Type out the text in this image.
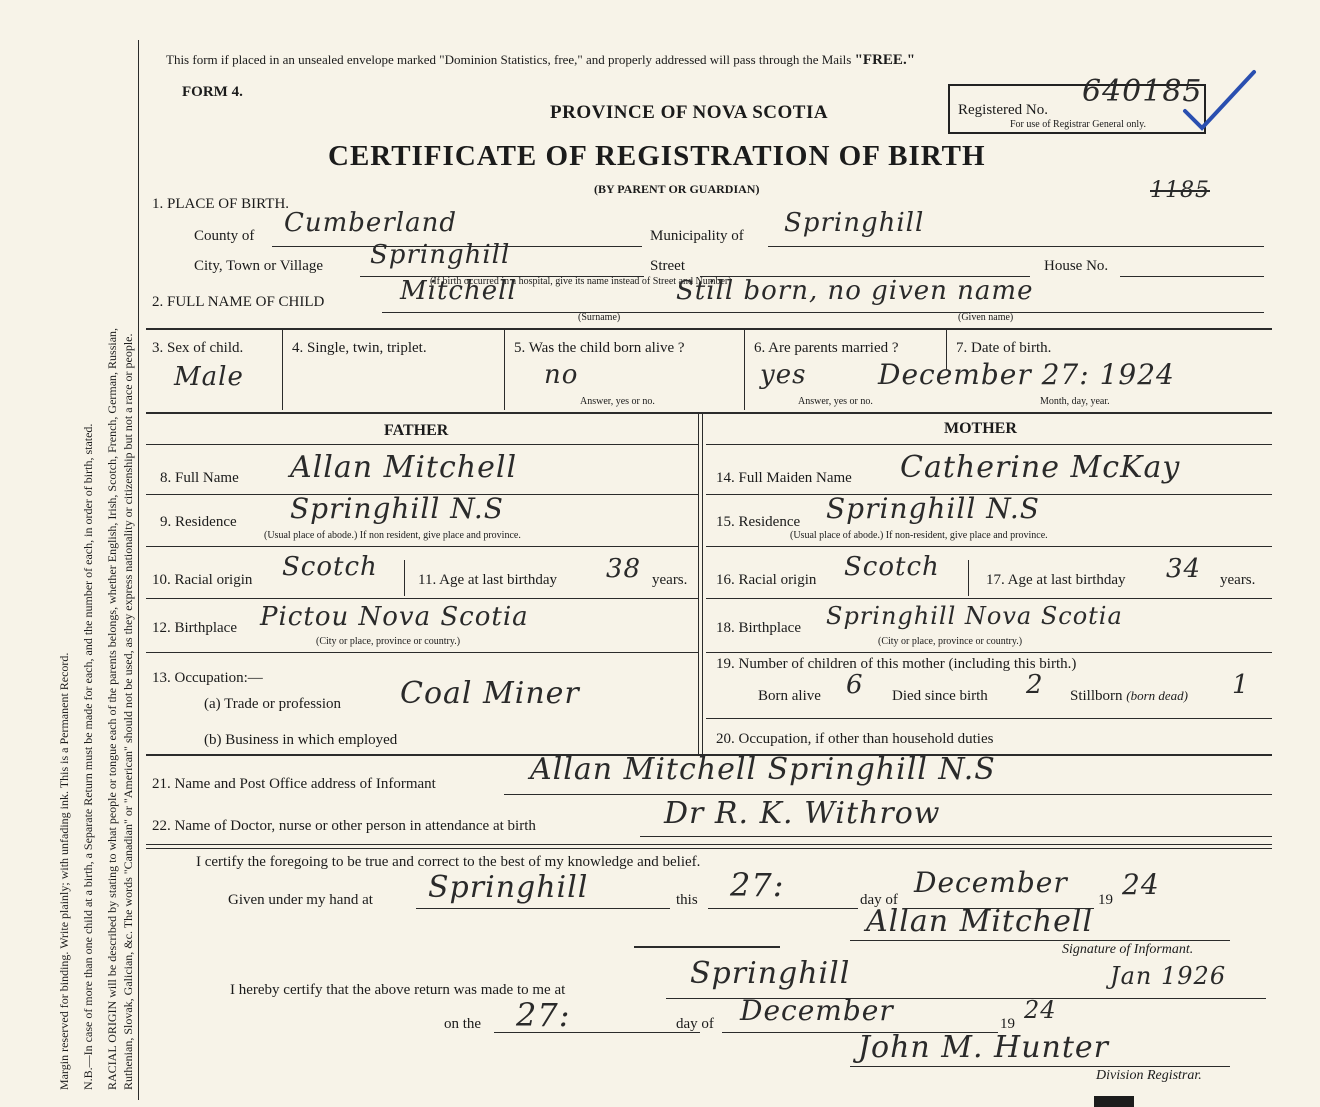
Margin reserved for binding. Write plainly; with unfading ink. This is a Permanent Record. N.B.—In case of more than one child at a birth, a Separate Return must be made for each, and the number of each, in order of birth, stated. RACIAL ORIGIN will be described by stating to what people or tongue each of the parents belongs, whether English, Irish, Scotch, French, German, Russian, Ruthenian, Slovak, Galician, &c. The words "Canadian" or "American" should not be used, as they express nationality or citizenship but not a race or people.
This form if placed in an unsealed envelope marked "Dominion Statistics, free," and properly addressed will pass through the Mails "FREE."
FORM 4.
PROVINCE OF NOVA SCOTIA	Registered No.
640185
For use of Registrar General only.
CERTIFICATE OF REGISTRATION OF BIRTH
(BY PARENT OR GUARDIAN)	1185
1. PLACE OF BIRTH.
County of Cumberland	Municipality of Springhill
City, Town or Village Springhill	Street	House No.
(If birth occurred in a hospital, give its name instead of Street and Number)
2. FULL NAME OF CHILD	Mitchell	Still born, no given name
(Surname)	(Given name)
3. Sex of child.
Male
4. Single, twin, triplet.	5. Was the child born alive ?
no
Answer, yes or no.
6. Are parents married ?
yes
Answer, yes or no.
7. Date of birth.
December 27: 1924
Month, day, year.
FATHER	MOTHER
8. Full Name Allan Mitchell
9. Residence Springhill N.S
(Usual place of abode.) If non resident, give place and province.
10. Racial origin Scotch	11. Age at last birthday 38 years.
12. Birthplace Pictou Nova Scotia
(City or place, province or country.)
13. Occupation:—
(a) Trade or profession Coal Miner
(b) Business in which employed
14. Full Maiden Name Catherine McKay
15. Residence Springhill N.S
(Usual place of abode.) If non-resident, give place and province.
16. Racial origin Scotch	17. Age at last birthday 34 years.
18. Birthplace Springhill Nova Scotia
(City or place, province or country.)
19. Number of children of this mother (including this birth.)
Born alive 6 Died since birth 2 Stillborn (born dead) 1
20. Occupation, if other than household duties
21. Name and Post Office address of Informant	Allan Mitchell Springhill N.S
22. Name of Doctor, nurse or other person in attendance at birth	Dr R. K. Withrow
I certify the foregoing to be true and correct to the best of my knowledge and belief.
Given under my hand at Springhill	this 27:	day of
December
19 24
Allan Mitchell
Signature of Informant.
I hereby certify that the above return was made to me at	Springhill	Jan 1926
on the 27:	day of December	19 24
John M. Hunter
Division Registrar.
